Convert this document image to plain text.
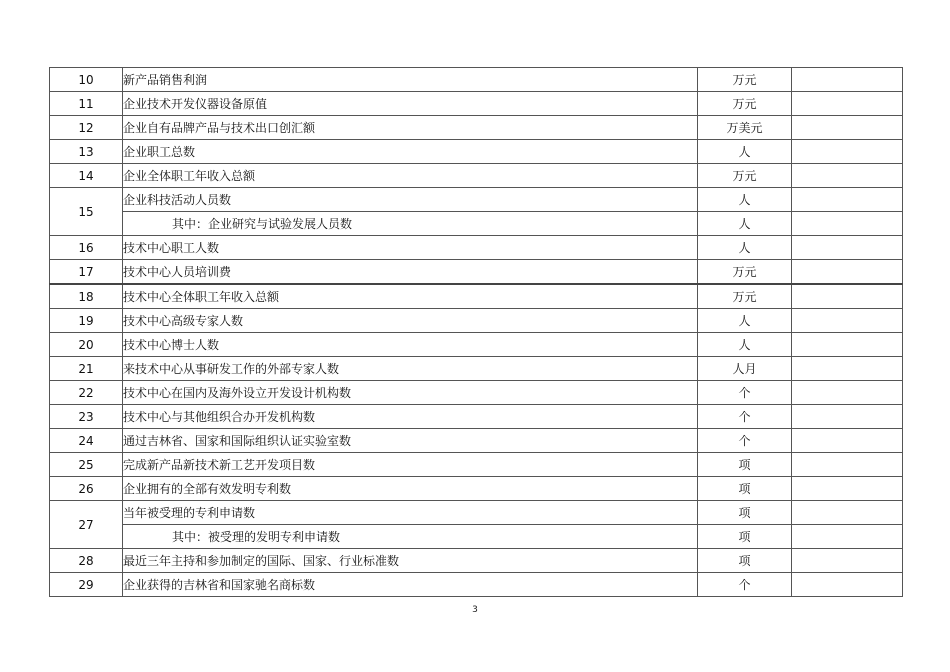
10	新产品销售利润	万元	
11	企业技术开发仪器设备原值	万元	
12	企业自有品牌产品与技术出口创汇额	万美元	
13	企业职工总数	人	
14	企业全体职工年收入总额	万元	
15	企业科技活动人员数	人	
	其中：企业研究与试验发展人员数	人	
16	技术中心职工人数	人	
17	技术中心人员培训费	万元	
18	技术中心全体职工年收入总额	万元	
19	技术中心高级专家人数	人	
20	技术中心博士人数	人	
21	来技术中心从事研发工作的外部专家人数	人月	
22	技术中心在国内及海外设立开发设计机构数	个	
23	技术中心与其他组织合办开发机构数	个	
24	通过吉林省、国家和国际组织认证实验室数	个	
25	完成新产品新技术新工艺开发项目数	项	
26	企业拥有的全部有效发明专利数	项	
27	当年被受理的专利申请数	项	
	其中：被受理的发明专利申请数	项	
28	最近三年主持和参加制定的国际、国家、行业标准数	项	
29	企业获得的吉林省和国家驰名商标数	个	
3
